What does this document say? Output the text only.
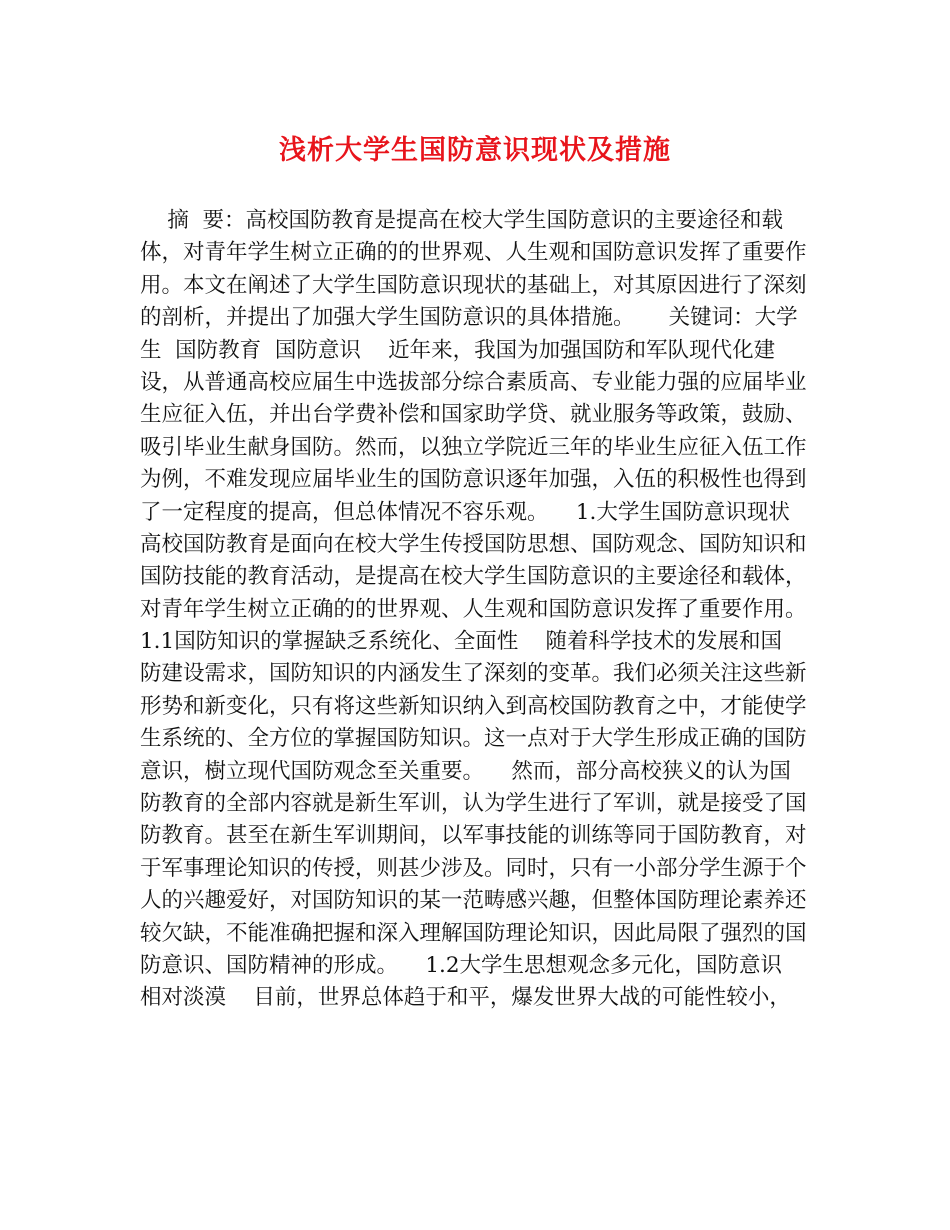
浅析大学生国防意识现状及措施
摘  要：高校国防教育是提高在校大学生国防意识的主要途径和载
体，对青年学生树立正确的的世界观、人生观和国防意识发挥了重要作
用。本文在阐述了大学生国防意识现状的基础上，对其原因进行了深刻
的剖析，并提出了加强大学生国防意识的具体措施。     关键词：大学
生  国防教育  国防意识    近年来，我国为加强国防和军队现代化建
设，从普通高校应届生中选拔部分综合素质高、专业能力强的应届毕业
生应征入伍，并出台学费补偿和国家助学贷、就业服务等政策，鼓励、
吸引毕业生献身国防。然而，以独立学院近三年的毕业生应征入伍工作
为例，不难发现应届毕业生的国防意识逐年加强，入伍的积极性也得到
了一定程度的提高，但总体情况不容乐观。    1.大学生国防意识现状
高校国防教育是面向在校大学生传授国防思想、国防观念、国防知识和
国防技能的教育活动，是提高在校大学生国防意识的主要途径和载体，
对青年学生树立正确的的世界观、人生观和国防意识发挥了重要作用。
1.1国防知识的掌握缺乏系统化、全面性    随着科学技术的发展和国
防建设需求，国防知识的内涵发生了深刻的变革。我们必须关注这些新
形势和新变化，只有将这些新知识纳入到高校国防教育之中，才能使学
生系统的、全方位的掌握国防知识。这一点对于大学生形成正确的国防
意识，樹立现代国防观念至关重要。    然而，部分高校狭义的认为国
防教育的全部内容就是新生军训，认为学生进行了军训，就是接受了国
防教育。甚至在新生军训期间，以军事技能的训练等同于国防教育，对
于军事理论知识的传授，则甚少涉及。同时，只有一小部分学生源于个
人的兴趣爱好，对国防知识的某一范畴感兴趣，但整体国防理论素养还
较欠缺，不能准确把握和深入理解国防理论知识，因此局限了强烈的国
防意识、国防精神的形成。    1.2大学生思想观念多元化，国防意识
相对淡漠    目前，世界总体趋于和平，爆发世界大战的可能性较小，
